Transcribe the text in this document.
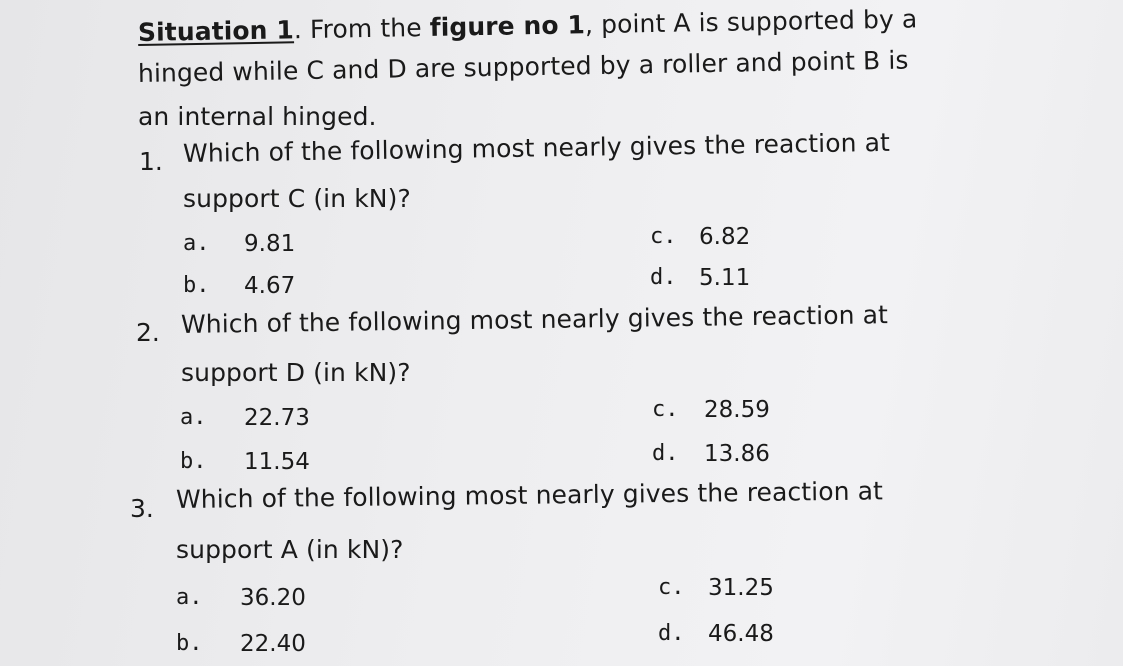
Situation 1. From the figure no 1, point A is supported by a
hinged while C and D are supported by a roller and point B is
an internal hinged.
1. Which of the following most nearly gives the reaction at
support C (in kN)?
a. 9.81
b. 4.67
c. 6.82
d. 5.11
2. Which of the following most nearly gives the reaction at
support D (in kN)?
a. 22.73
b. 11.54
c. 28.59
d. 13.86
3. Which of the following most nearly gives the reaction at
support A (in kN)?
a. 36.20
b. 22.40
c. 31.25
d. 46.48
